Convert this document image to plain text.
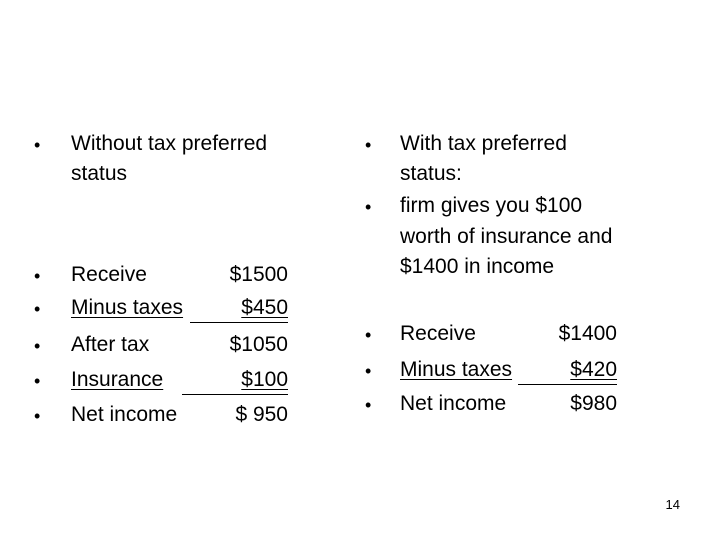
• Without tax preferred
status
• Receive	$1500
• Minus taxes	$450
• After tax	$1050
• Insurance	$100
• Net income	$ 950
• With tax preferred
status:
• firm gives you $100
worth of insurance and
$1400 in income
• Receive	$1400
• Minus taxes	$420
• Net income	$980
14
